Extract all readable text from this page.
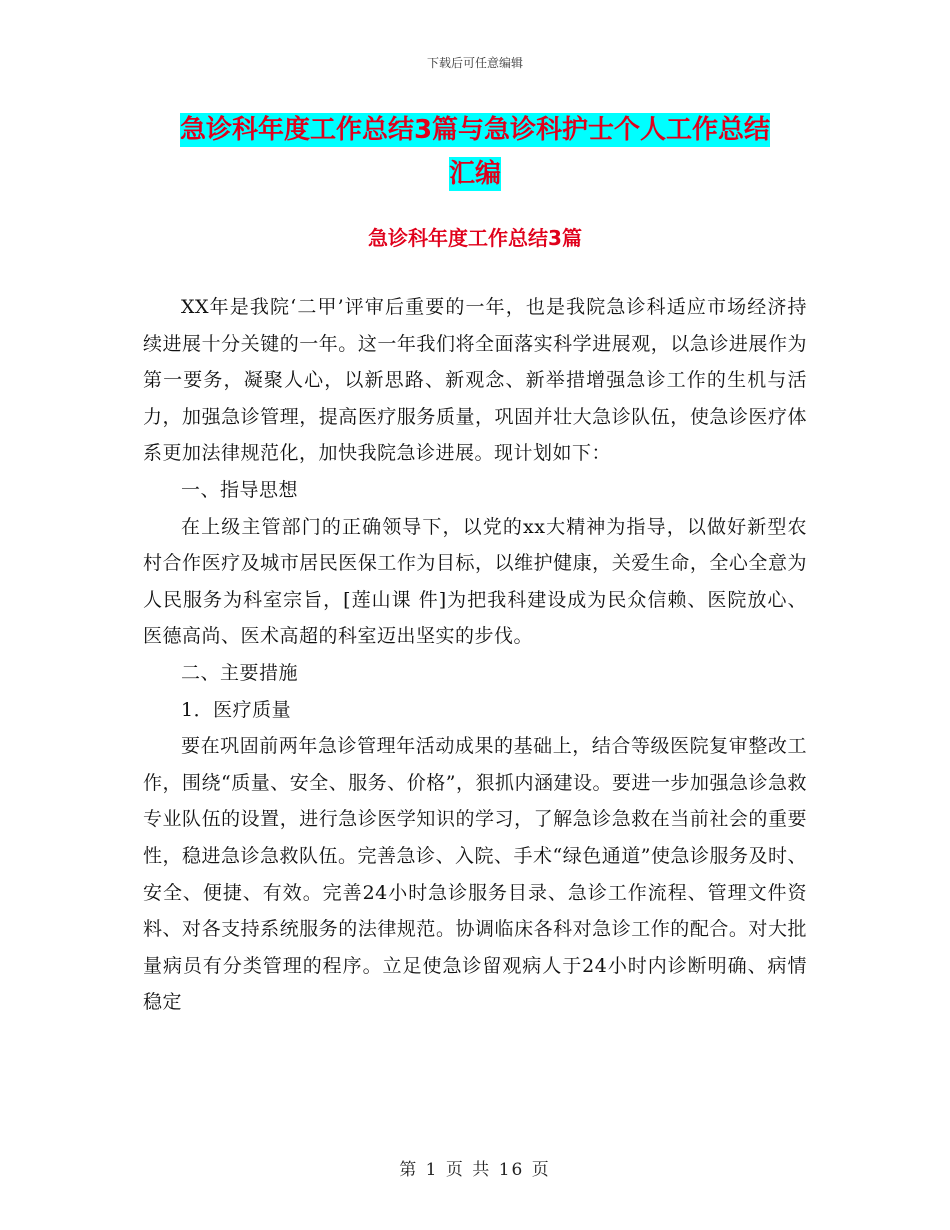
下载后可任意编辑
急诊科年度工作总结3篇与急诊科护士个人工作总结
汇编
急诊科年度工作总结3篇

XX年是我院‘二甲’评审后重要的一年，也是我院急诊科适应市场经济持续进展十分关键的一年。这一年我们将全面落实科学进展观，以急诊进展作为第一要务，凝聚人心，以新思路、新观念、新举措增强急诊工作的生机与活力，加强急诊管理，提高医疗服务质量，巩固并壮大急诊队伍，使急诊医疗体系更加法律规范化，加快我院急诊进展。现计划如下：

一、指导思想

在上级主管部门的正确领导下，以党的xx大精神为指导，以做好新型农村合作医疗及城市居民医保工作为目标，以维护健康，关爱生命，全心全意为人民服务为科室宗旨，[莲山课 件]为把我科建设成为民众信赖、医院放心、医德高尚、医术高超的科室迈出坚实的步伐。

二、主要措施

1．医疗质量

要在巩固前两年急诊管理年活动成果的基础上，结合等级医院复审整改工作，围绕“质量、安全、服务、价格”，狠抓内涵建设。要进一步加强急诊急救专业队伍的设置，进行急诊医学知识的学习，了解急诊急救在当前社会的重要性，稳进急诊急救队伍。完善急诊、入院、手术“绿色通道”使急诊服务及时、安全、便捷、有效。完善24小时急诊服务目录、急诊工作流程、管理文件资料、对各支持系统服务的法律规范。协调临床各科对急诊工作的配合。对大批量病员有分类管理的程序。立足使急诊留观病人于24小时内诊断明确、病情稳定

第 1 页 共 16 页
